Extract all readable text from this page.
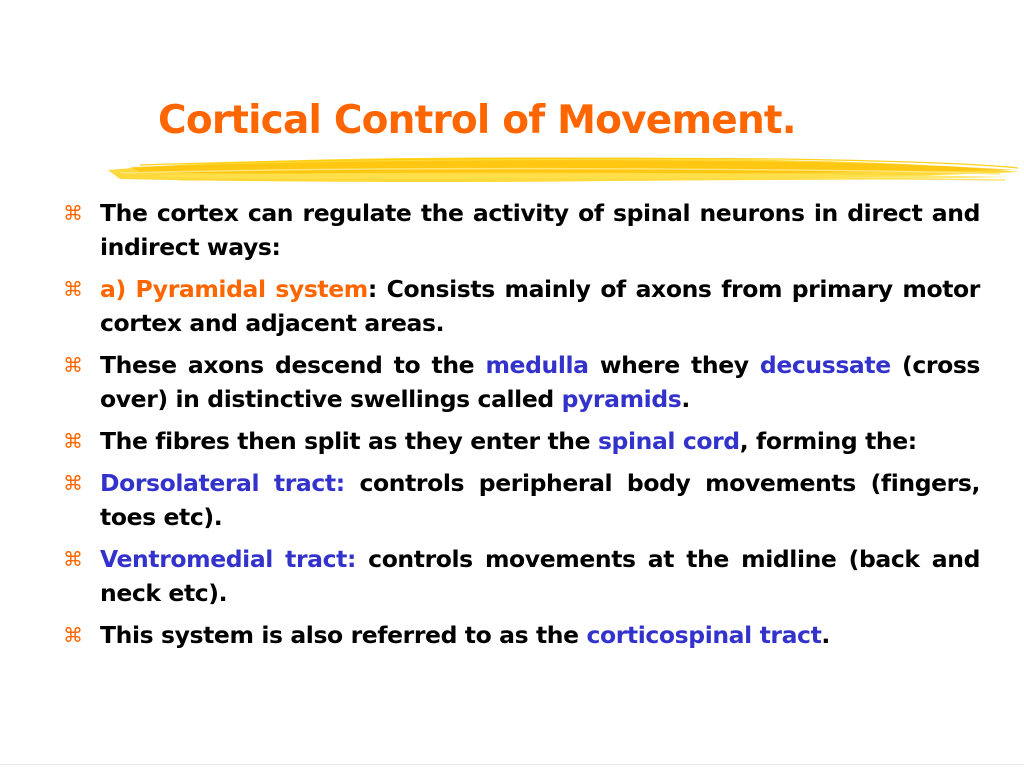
Cortical Control of Movement.
⌘ The cortex can regulate the activity of spinal neurons in direct and indirect ways:
⌘ a) Pyramidal system: Consists mainly of axons from primary motor cortex and adjacent areas.
⌘ These axons descend to the medulla where they decussate (cross over) in distinctive swellings called pyramids.
⌘ The fibres then split as they enter the spinal cord, forming the:
⌘ Dorsolateral tract: controls peripheral body movements (fingers, toes etc).
⌘ Ventromedial tract: controls movements at the midline (back and neck etc).
⌘ This system is also referred to as the corticospinal tract.
